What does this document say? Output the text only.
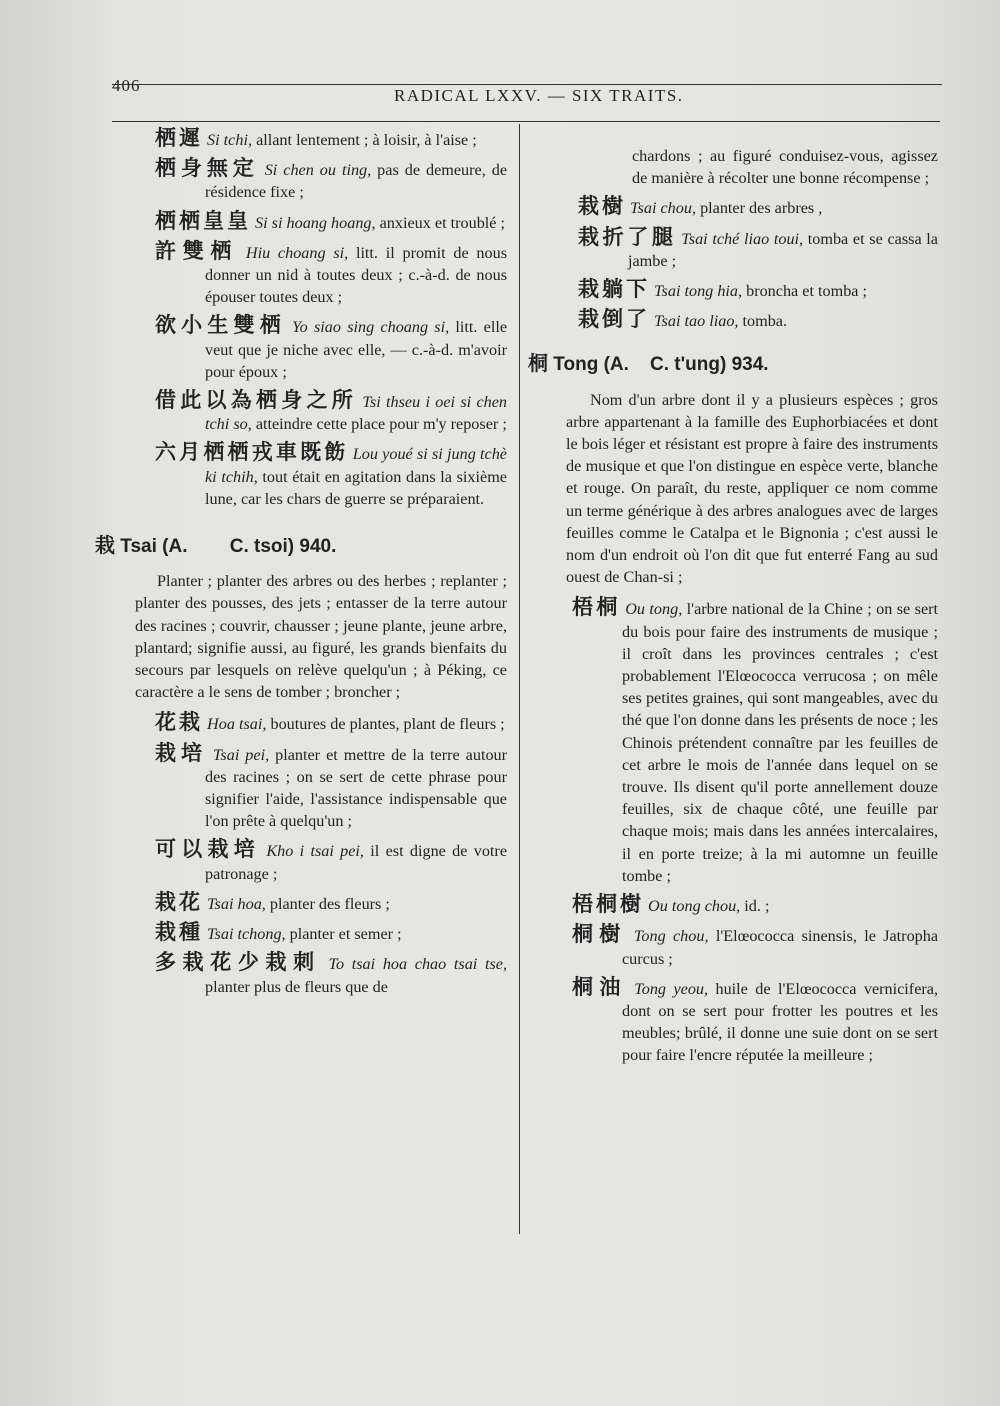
406
RADICAL LXXV. — SIX TRAITS.

栖遲 Si tchi, allant lentement ; à loisir, à l'aise ;

栖身無定 Si chen ou ting, pas de demeure, de résidence fixe ;

栖栖皇皇 Si si hoang hoang, anxieux et troublé ;

許雙栖 Hiu choang si, litt. il promit de nous donner un nid à toutes deux ; c.-à-d. de nous épouser toutes deux ;

欲小生雙栖 Yo siao sing choang si, litt. elle veut que je niche avec elle, — c.-à-d. m'avoir pour époux ;

借此以為栖身之所 Tsi thseu i oei si chen tchi so, atteindre cette place pour m'y reposer ;

六月栖栖戎車既飭 Lou youé si si jung tchè ki tchih, tout était en agitation dans la sixième lune, car les chars de guerre se préparaient.

栽 Tsai (A. C. tsoi) 940.

Planter ; planter des arbres ou des herbes ; replanter ; planter des pousses, des jets ; entasser de la terre autour des racines ; couvrir, chausser ; jeune plante, jeune arbre, plantard; signifie aussi, au figuré, les grands bienfaits du secours par lesquels on relève quelqu'un ; à Péking, ce caractère a le sens de tomber ; broncher ;

花栽 Hoa tsai, boutures de plantes, plant de fleurs ;

栽培 Tsai pei, planter et mettre de la terre autour des racines ; on se sert de cette phrase pour signifier l'aide, l'assistance indispensable que l'on prête à quelqu'un ;

可以栽培 Kho i tsai pei, il est digne de votre patronage ;

栽花 Tsai hoa, planter des fleurs ;

栽種 Tsai tchong, planter et semer ;

多栽花少栽刺 To tsai hoa chao tsai tse, planter plus de fleurs que de

chardons ; au figuré conduisez-vous, agissez de manière à récolter une bonne récompense ;

栽樹 Tsai chou, planter des arbres ,

栽折了腿 Tsai tché liao toui, tomba et se cassa la jambe ;

栽躺下 Tsai tong hia, broncha et tomba ;

栽倒了 Tsai tao liao, tomba.

桐 Tong (A. C. t'ung) 934.

Nom d'un arbre dont il y a plusieurs espèces ; gros arbre appartenant à la famille des Euphorbiacées et dont le bois léger et résistant est propre à faire des instruments de musique et que l'on distingue en espèce verte, blanche et rouge. On paraît, du reste, appliquer ce nom comme un terme générique à des arbres analogues avec de larges feuilles comme le Catalpa et le Bignonia ; c'est aussi le nom d'un endroit où l'on dit que fut enterré Fang au sud ouest de Chan-si ;

梧桐 Ou tong, l'arbre national de la Chine ; on se sert du bois pour faire des instruments de musique ; il croît dans les provinces centrales ; c'est probablement l'Elœococca verrucosa ; on mêle ses petites graines, qui sont mangeables, avec du thé que l'on donne dans les présents de noce ; les Chinois prétendent connaître par les feuilles de cet arbre le mois de l'année dans lequel on se trouve. Ils disent qu'il porte annellement douze feuilles, six de chaque côté, une feuille par chaque mois; mais dans les années intercalaires, il en porte treize; à la mi automne un feuille tombe ;

梧桐樹 Ou tong chou, id. ;

桐樹 Tong chou, l'Elœococca sinensis, le Jatropha curcus ;

桐油 Tong yeou, huile de l'Elœococca vernicifera, dont on se sert pour frotter les poutres et les meubles; brûlé, il donne une suie dont on se sert pour faire l'encre réputée la meilleure ;
